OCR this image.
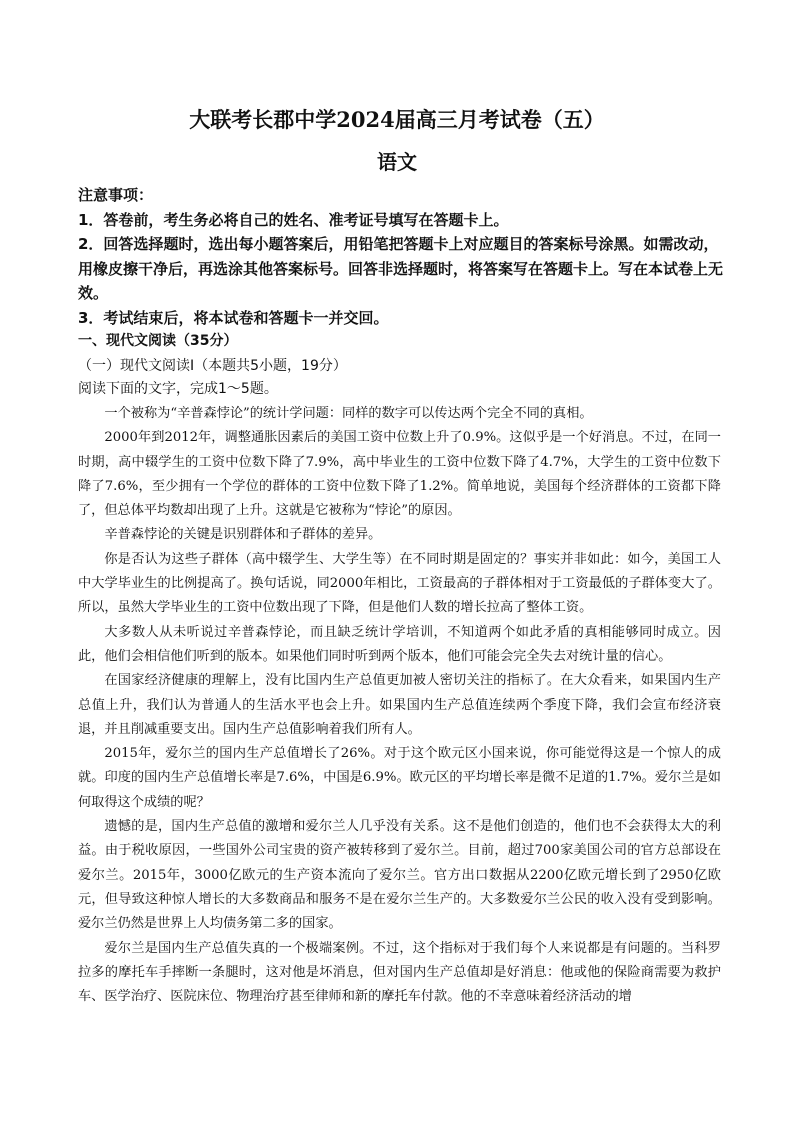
大联考长郡中学2024届高三月考试卷（五）
语文

注意事项：

1．答卷前，考生务必将自己的姓名、准考证号填写在答题卡上。

2．回答选择题时，选出每小题答案后，用铅笔把答题卡上对应题目的答案标号涂黑。如需改动，用橡皮擦干净后，再选涂其他答案标号。回答非选择题时，将答案写在答题卡上。写在本试卷上无效。

3．考试结束后，将本试卷和答题卡一并交回。

一、现代文阅读（35分）
（一）现代文阅读Ⅰ（本题共5小题，19分）
阅读下面的文字，完成1～5题。

一个被称为“辛普森悖论”的统计学问题：同样的数字可以传达两个完全不同的真相。

2000年到2012年，调整通胀因素后的美国工资中位数上升了0.9%。这似乎是一个好消息。不过，在同一时期，高中辍学生的工资中位数下降了7.9%，高中毕业生的工资中位数下降了4.7%，大学生的工资中位数下降了7.6%，至少拥有一个学位的群体的工资中位数下降了1.2%。简单地说，美国每个经济群体的工资都下降了，但总体平均数却出现了上升。这就是它被称为“悖论”的原因。

辛普森悖论的关键是识别群体和子群体的差异。

你是否认为这些子群体（高中辍学生、大学生等）在不同时期是固定的？事实并非如此：如今，美国工人中大学毕业生的比例提高了。换句话说，同2000年相比，工资最高的子群体相对于工资最低的子群体变大了。所以，虽然大学毕业生的工资中位数出现了下降，但是他们人数的增长拉高了整体工资。

大多数人从未听说过辛普森悖论，而且缺乏统计学培训，不知道两个如此矛盾的真相能够同时成立。因此，他们会相信他们听到的版本。如果他们同时听到两个版本，他们可能会完全失去对统计量的信心。

在国家经济健康的理解上，没有比国内生产总值更加被人密切关注的指标了。在大众看来，如果国内生产总值上升，我们认为普通人的生活水平也会上升。如果国内生产总值连续两个季度下降，我们会宣布经济衰退，并且削减重要支出。国内生产总值影响着我们所有人。

2015年，爱尔兰的国内生产总值增长了26%。对于这个欧元区小国来说，你可能觉得这是一个惊人的成就。印度的国内生产总值增长率是7.6%，中国是6.9%。欧元区的平均增长率是微不足道的1.7%。爱尔兰是如何取得这个成绩的呢？

遗憾的是，国内生产总值的激增和爱尔兰人几乎没有关系。这不是他们创造的，他们也不会获得太大的利益。由于税收原因，一些国外公司宝贵的资产被转移到了爱尔兰。目前，超过700家美国公司的官方总部设在爱尔兰。2015年，3000亿欧元的生产资本流向了爱尔兰。官方出口数据从2200亿欧元增长到了2950亿欧元，但导致这种惊人增长的大多数商品和服务不是在爱尔兰生产的。大多数爱尔兰公民的收入没有受到影响。爱尔兰仍然是世界上人均债务第二多的国家。

爱尔兰是国内生产总值失真的一个极端案例。不过，这个指标对于我们每个人来说都是有问题的。当科罗拉多的摩托车手摔断一条腿时，这对他是坏消息，但对国内生产总值却是好消息：他或他的保险商需要为救护车、医学治疗、医院床位、物理治疗甚至律师和新的摩托车付款。他的不幸意味着经济活动的增
